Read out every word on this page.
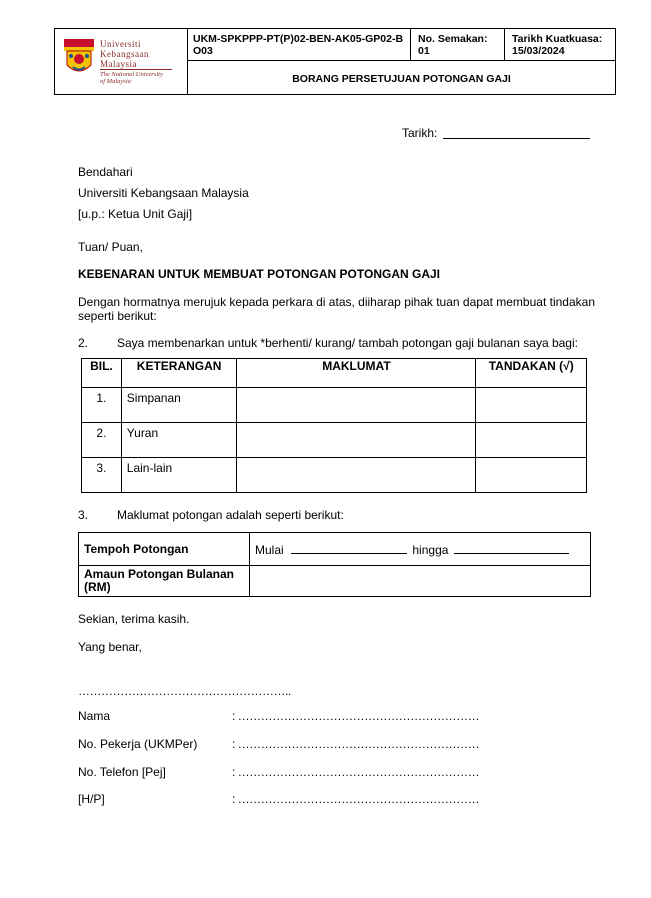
Universiti
Kebangsaan
Malaysia
The National University
of Malaysia
UKM-SPKPPP-PT(P)02-BEN-AK05-GP02-BO03
No. Semakan:
01
Tarikh Kuatkuasa:
15/03/2024
BORANG PERSETUJUAN POTONGAN GAJI
Tarikh:
Bendahari
Universiti Kebangsaan Malaysia
[u.p.: Ketua Unit Gaji]
Tuan/ Puan,
KEBENARAN UNTUK MEMBUAT POTONGAN POTONGAN GAJI
Dengan hormatnya merujuk kepada perkara di atas, diiharap pihak tuan dapat membuat tindakan
seperti berikut:
2. Saya membenarkan untuk *berhenti/ kurang/ tambah potongan gaji bulanan saya bagi:
BIL.	KETERANGAN	MAKLUMAT	TANDAKAN (√)
1.	Simpanan		
2.	Yuran		
3.	Lain-lain		
3. Maklumat potongan adalah seperti berikut:
Tempoh Potongan	Mulai hingga

Amaun Potongan Bulanan
(RM)	

Sekian, terima kasih.
Yang benar,
………………………………………………..
Nama	: ………………………………………………………
No. Pekerja (UKMPer)	: ………………………………………………………
No. Telefon [Pej]	: ………………………………………………………
[H/P]	: ………………………………………………………
